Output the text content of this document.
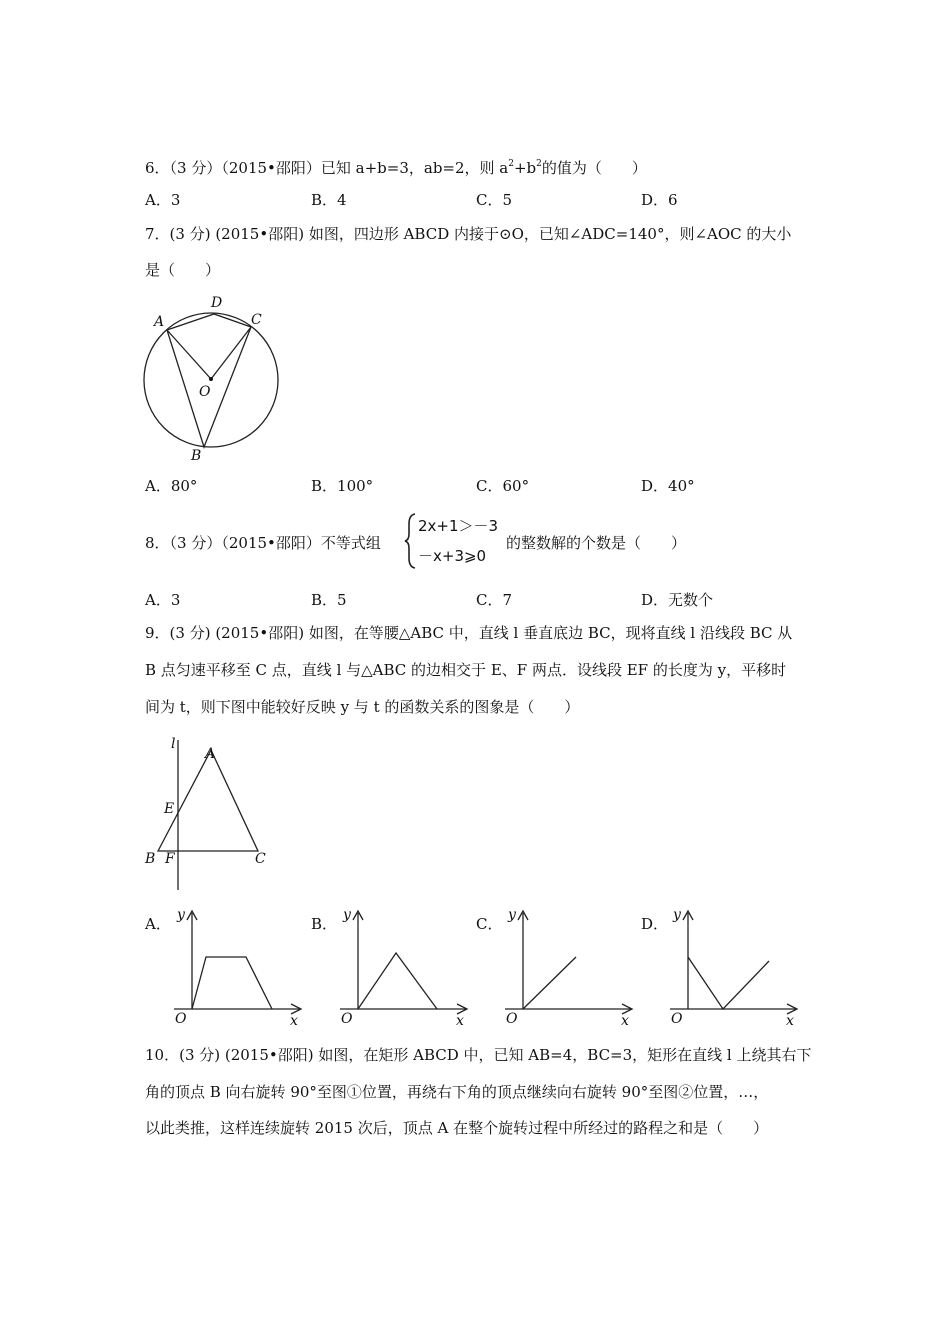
6．（3 分）（2015•邵阳）已知 a+b=3，ab=2，则 $a^2+b^2$的值为（　　）
A．3	B．4	C．5	D．6
7．(3 分) (2015•邵阳) 如图，四边形 ABCD 内接于⊙O，已知∠ADC=140°，则∠AOC 的大小
是（　　）
A
D
C
O
B
A．80°	B．100°	C．60°	D．40°
8．（3 分）（2015•邵阳）不等式组
2x+1＞－3
－x+3⩾0
的整数解的个数是（　　）
A．3	B．5	C．7	D．无数个
9．(3 分) (2015•邵阳) 如图，在等腰△ABC 中，直线 l 垂直底边 BC，现将直线 l 沿线段 BC 从
B 点匀速平移至 C 点，直线 l 与△ABC 的边相交于 E、F 两点．设线段 EF 的长度为 y，平移时
间为 t，则下图中能较好反映 y 与 t 的函数关系的图象是（　　）
l
A
E
B F	C
A．	B．	C．	D．
y
O	x
y
O	x
y
O	x
y
O	x
10．(3 分) (2015•邵阳) 如图，在矩形 ABCD 中，已知 AB=4，BC=3，矩形在直线 l 上绕其右下
角的顶点 B 向右旋转 90°至图①位置，再绕右下角的顶点继续向右旋转 90°至图②位置，…，
以此类推，这样连续旋转 2015 次后，顶点 A 在整个旋转过程中所经过的路程之和是（　　）
